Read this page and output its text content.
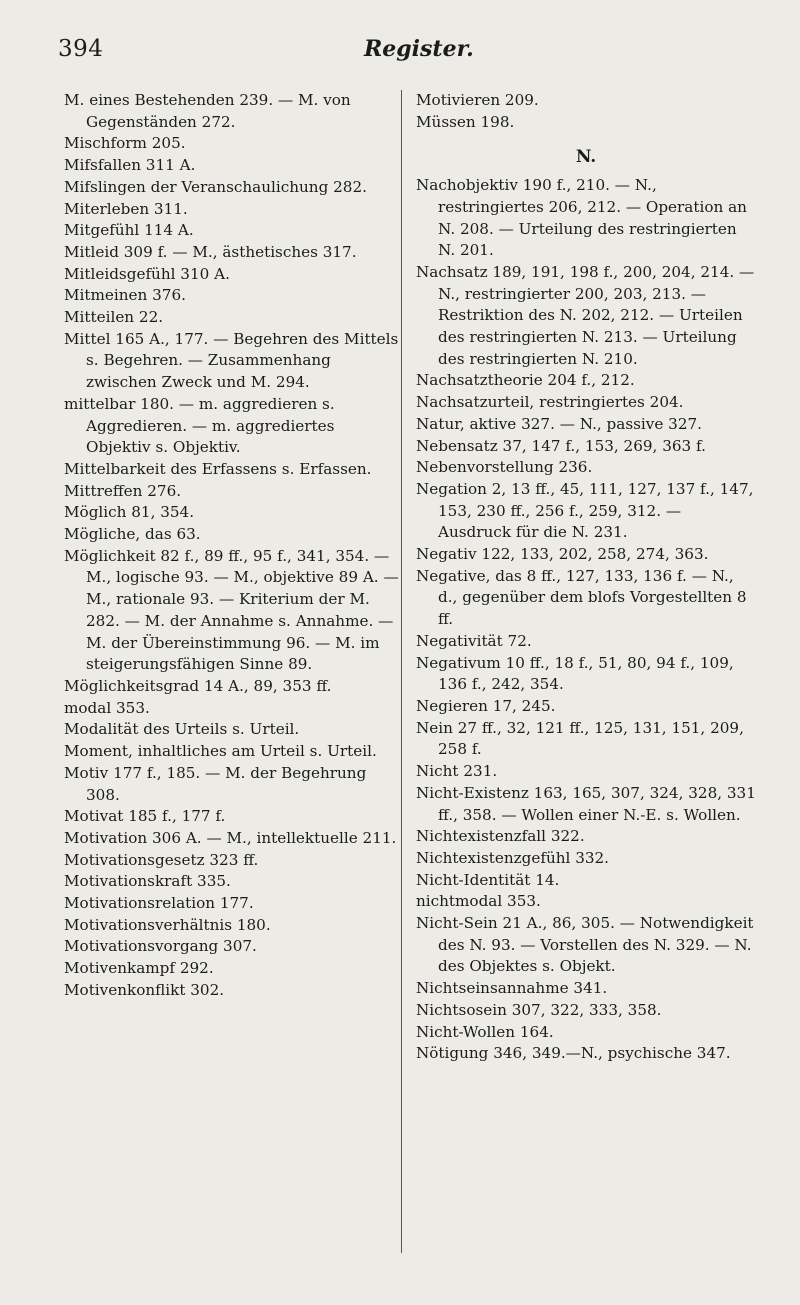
394	Register.
M. eines Bestehenden 239. — M. von Gegenständen 272.
Mischform 205.
Mifsfallen 311 A.
Mifslingen der Veranschaulichung 282.
Miterleben 311.
Mitgefühl 114 A.
Mitleid 309 f. — M., ästhetisches 317.
Mitleidsgefühl 310 A.
Mitmeinen 376.
Mitteilen 22.
Mittel 165 A., 177. — Begehren des Mittels s. Begehren. — Zusammenhang zwischen Zweck und M. 294.
mittelbar 180. — m. aggredieren s. Aggredieren. — m. aggrediertes Objektiv s. Objektiv.
Mittelbarkeit des Erfassens s. Erfassen.
Mittreffen 276.
Möglich 81, 354.
Mögliche, das 63.
Möglichkeit 82 f., 89 ff., 95 f., 341, 354. — M., logische 93. — M., objektive 89 A. — M., rationale 93. — Kriterium der M. 282. — M. der Annahme s. Annahme. — M. der Übereinstimmung 96. — M. im steigerungsfähigen Sinne 89.
Möglichkeitsgrad 14 A., 89, 353 ff.
modal 353.
Modalität des Urteils s. Urteil.
Moment, inhaltliches am Urteil s. Urteil.
Motiv 177 f., 185. — M. der Begehrung 308.
Motivat 185 f., 177 f.
Motivation 306 A. — M., intellektuelle 211.
Motivationsgesetz 323 ff.
Motivationskraft 335.
Motivationsrelation 177.
Motivationsverhältnis 180.
Motivationsvorgang 307.
Motivenkampf 292.
Motivenkonflikt 302.
Motivieren 209.
Müssen 198.
N.
Nachobjektiv 190 f., 210. — N., restringiertes 206, 212. — Operation an N. 208. — Urteilung des restringierten N. 201.
Nachsatz 189, 191, 198 f., 200, 204, 214. — N., restringierter 200, 203, 213. — Restriktion des N. 202, 212. — Urteilen des restringierten N. 213. — Urteilung des restringierten N. 210.
Nachsatztheorie 204 f., 212.
Nachsatzurteil, restringiertes 204.
Natur, aktive 327. — N., passive 327.
Nebensatz 37, 147 f., 153, 269, 363 f.
Nebenvorstellung 236.
Negation 2, 13 ff., 45, 111, 127, 137 f., 147, 153, 230 ff., 256 f., 259, 312. — Ausdruck für die N. 231.
Negativ 122, 133, 202, 258, 274, 363.
Negative, das 8 ff., 127, 133, 136 f. — N., d., gegenüber dem blofs Vorgestellten 8 ff.
Negativität 72.
Negativum 10 ff., 18 f., 51, 80, 94 f., 109, 136 f., 242, 354.
Negieren 17, 245.
Nein 27 ff., 32, 121 ff., 125, 131, 151, 209, 258 f.
Nicht 231.
Nicht-Existenz 163, 165, 307, 324, 328, 331 ff., 358. — Wollen einer N.-E. s. Wollen.
Nichtexistenzfall 322.
Nichtexistenzgefühl 332.
Nicht-Identität 14.
nichtmodal 353.
Nicht-Sein 21 A., 86, 305. — Notwendigkeit des N. 93. — Vorstellen des N. 329. — N. des Objektes s. Objekt.
Nichtseinsannahme 341.
Nichtsosein 307, 322, 333, 358.
Nicht-Wollen 164.
Nötigung 346, 349.—N., psychische 347.
